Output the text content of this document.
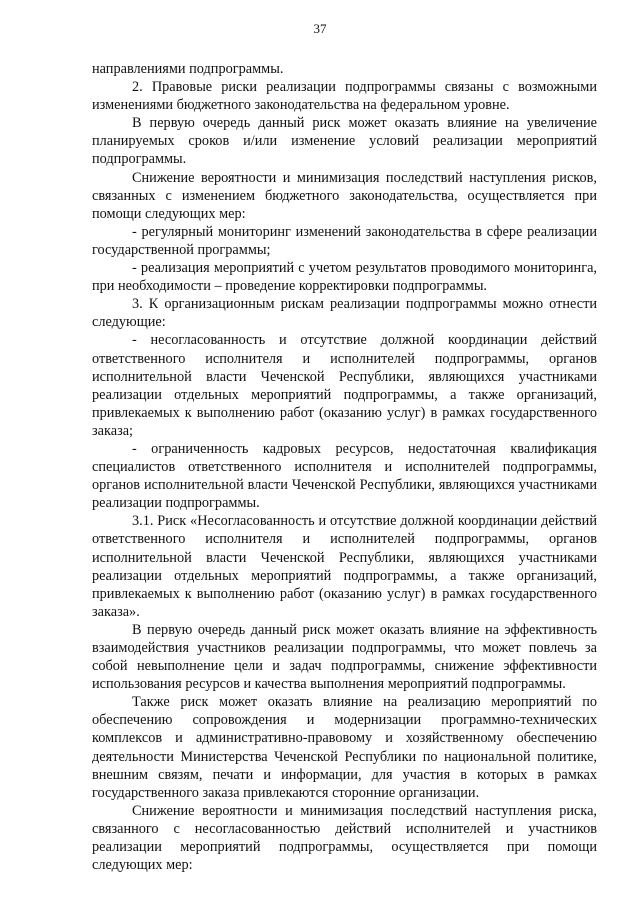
37

направлениями подпрограммы.

2. Правовые риски реализации подпрограммы связаны с возможными изменениями бюджетного законодательства на федеральном уровне.

В первую очередь данный риск может оказать влияние на увеличение планируемых сроков и/или изменение условий реализации мероприятий подпрограммы.

Снижение вероятности и минимизация последствий наступления рисков, связанных с изменением бюджетного законодательства, осуществляется при помощи следующих мер:

- регулярный мониторинг изменений законодательства в сфере реализации государственной программы;

- реализация мероприятий с учетом результатов проводимого мониторинга, при необходимости – проведение корректировки подпрограммы.

3. К организационным рискам реализации подпрограммы можно отнести следующие:

- несогласованность и отсутствие должной координации действий ответственного исполнителя и исполнителей подпрограммы, органов исполнительной власти Чеченской Республики, являющихся участниками реализации отдельных мероприятий подпрограммы, а также организаций, привлекаемых к выполнению работ (оказанию услуг) в рамках государственного заказа;

- ограниченность кадровых ресурсов, недостаточная квалификация специалистов ответственного исполнителя и исполнителей подпрограммы, органов исполнительной власти Чеченской Республики, являющихся участниками реализации подпрограммы.

3.1. Риск «Несогласованность и отсутствие должной координации действий ответственного исполнителя и исполнителей подпрограммы, органов исполнительной власти Чеченской Республики, являющихся участниками реализации отдельных мероприятий подпрограммы, а также организаций, привлекаемых к выполнению работ (оказанию услуг) в рамках государственного заказа».

В первую очередь данный риск может оказать влияние на эффективность взаимодействия участников реализации подпрограммы, что может повлечь за собой невыполнение цели и задач подпрограммы, снижение эффективности использования ресурсов и качества выполнения мероприятий подпрограммы.

Также риск может оказать влияние на реализацию мероприятий по обеспечению сопровождения и модернизации программно-технических комплексов и административно-правовому и хозяйственному обеспечению деятельности Министерства Чеченской Республики по национальной политике, внешним связям, печати и информации, для участия в которых в рамках государственного заказа привлекаются сторонние организации.

Снижение вероятности и минимизация последствий наступления риска, связанного с несогласованностью действий исполнителей и участников реализации мероприятий подпрограммы, осуществляется при помощи следующих мер:
